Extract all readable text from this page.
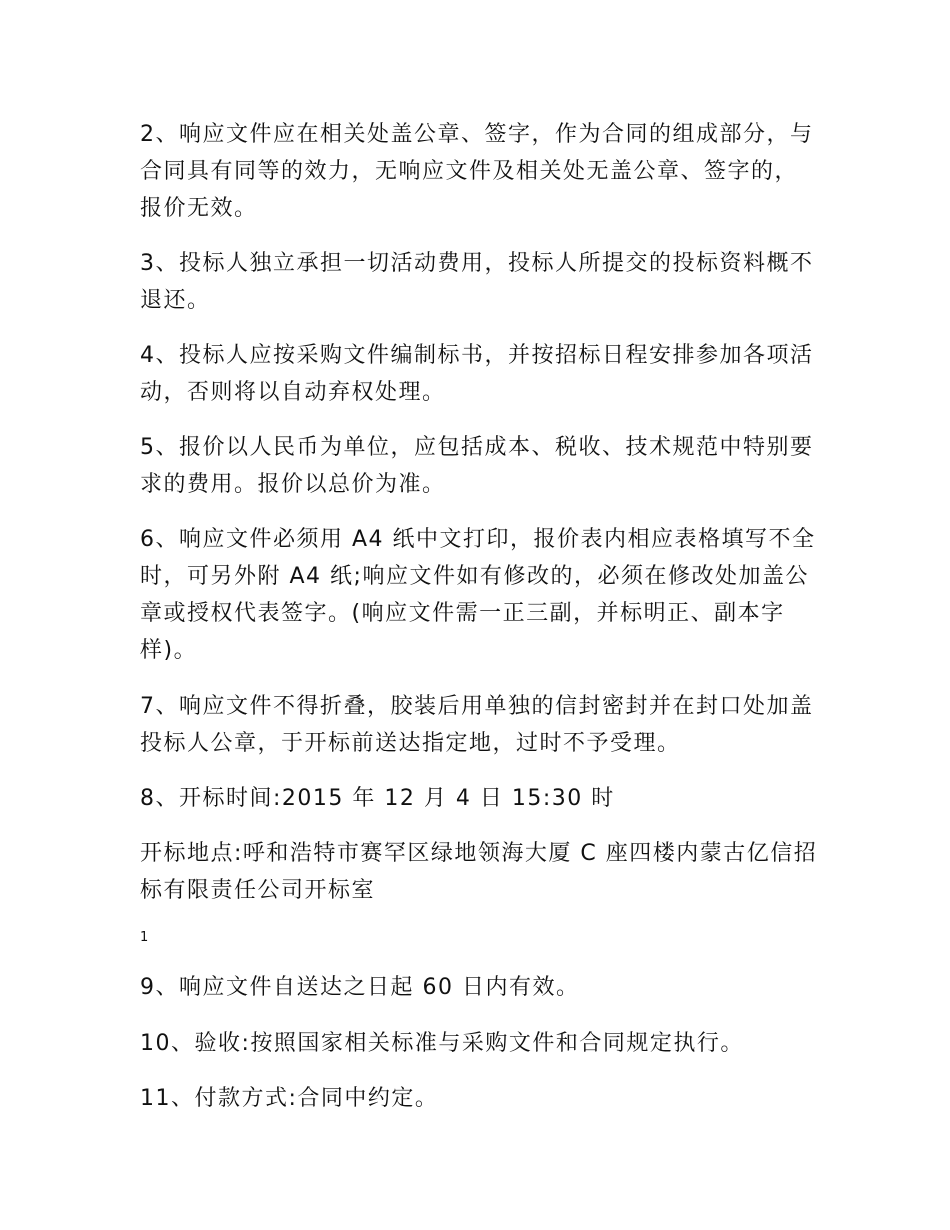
2、响应文件应在相关处盖公章、签字，作为合同的组成部分，与合同具有同等的效力，无响应文件及相关处无盖公章、签字的，报价无效。

3、投标人独立承担一切活动费用，投标人所提交的投标资料概不退还。

4、投标人应按采购文件编制标书，并按招标日程安排参加各项活动，否则将以自动弃权处理。

5、报价以人民币为单位，应包括成本、税收、技术规范中特别要求的费用。报价以总价为准。

6、响应文件必须用 A4 纸中文打印，报价表内相应表格填写不全时，可另外附 A4 纸;响应文件如有修改的，必须在修改处加盖公章或授权代表签字。(响应文件需一正三副，并标明正、副本字样)。

7、响应文件不得折叠，胶装后用单独的信封密封并在封口处加盖投标人公章，于开标前送达指定地，过时不予受理。

8、开标时间:2015 年 12 月 4 日 15:30 时

开标地点:呼和浩特市赛罕区绿地领海大厦 C 座四楼内蒙古亿信招标有限责任公司开标室

1

9、响应文件自送达之日起 60 日内有效。

10、验收:按照国家相关标准与采购文件和合同规定执行。

11、付款方式:合同中约定。
